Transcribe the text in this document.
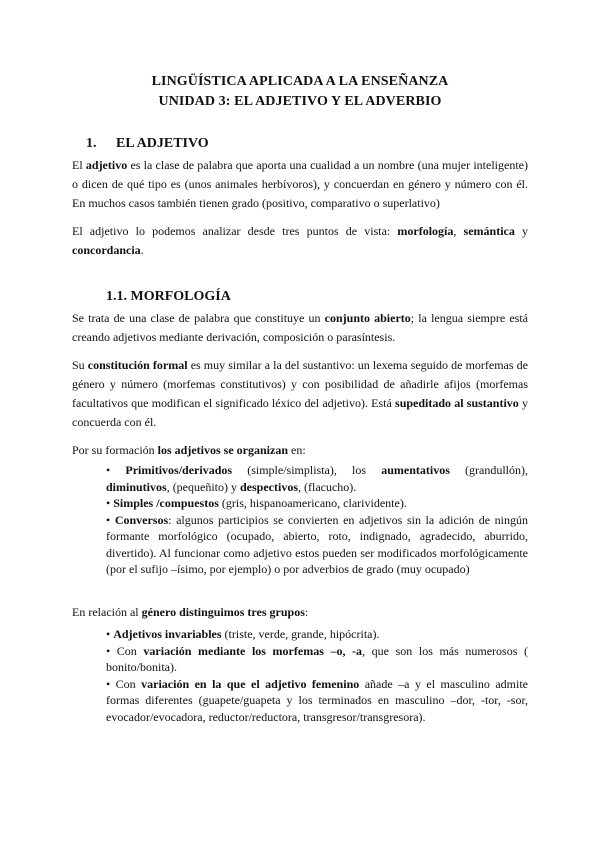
LINGÜÍSTICA APLICADA A LA ENSEÑANZA
UNIDAD 3: EL ADJETIVO Y EL ADVERBIO
1. EL ADJETIVO
El adjetivo es la clase de palabra que aporta una cualidad a un nombre (una mujer inteligente) o dicen de qué tipo es (unos animales herbívoros), y concuerdan en género y número con él. En muchos casos también tienen grado (positivo, comparativo o superlativo)
El adjetivo lo podemos analizar desde tres puntos de vista: morfología, semántica y concordancia.
1.1. MORFOLOGÍA
Se trata de una clase de palabra que constituye un conjunto abierto; la lengua siempre está creando adjetivos mediante derivación, composición o parasíntesis.
Su constitución formal es muy similar a la del sustantivo: un lexema seguido de morfemas de género y número (morfemas constitutivos) y con posibilidad de añadirle afijos (morfemas facultativos que modifican el significado léxico del adjetivo). Está supeditado al sustantivo y concuerda con él.
Por su formación los adjetivos se organizan en:
• Primitivos/derivados (simple/simplista), los aumentativos (grandullón), diminutivos, (pequeñito) y despectivos, (flacucho).
• Simples /compuestos (gris, hispanoamericano, clarividente).
• Conversos: algunos participios se convierten en adjetivos sin la adición de ningún formante morfológico (ocupado, abierto, roto, indignado, agradecido, aburrido, divertido). Al funcionar como adjetivo estos pueden ser modificados morfológicamente (por el sufijo –ísimo, por ejemplo) o por adverbios de grado (muy ocupado)
En relación al género distinguimos tres grupos:
• Adjetivos invariables (triste, verde, grande, hipócrita).
• Con variación mediante los morfemas –o, -a, que son los más numerosos ( bonito/bonita).
• Con variación en la que el adjetivo femenino añade –a y el masculino admite formas diferentes (guapete/guapeta y los terminados en masculino –dor, -tor, -sor, evocador/evocadora, reductor/reductora, transgresor/transgresora).
